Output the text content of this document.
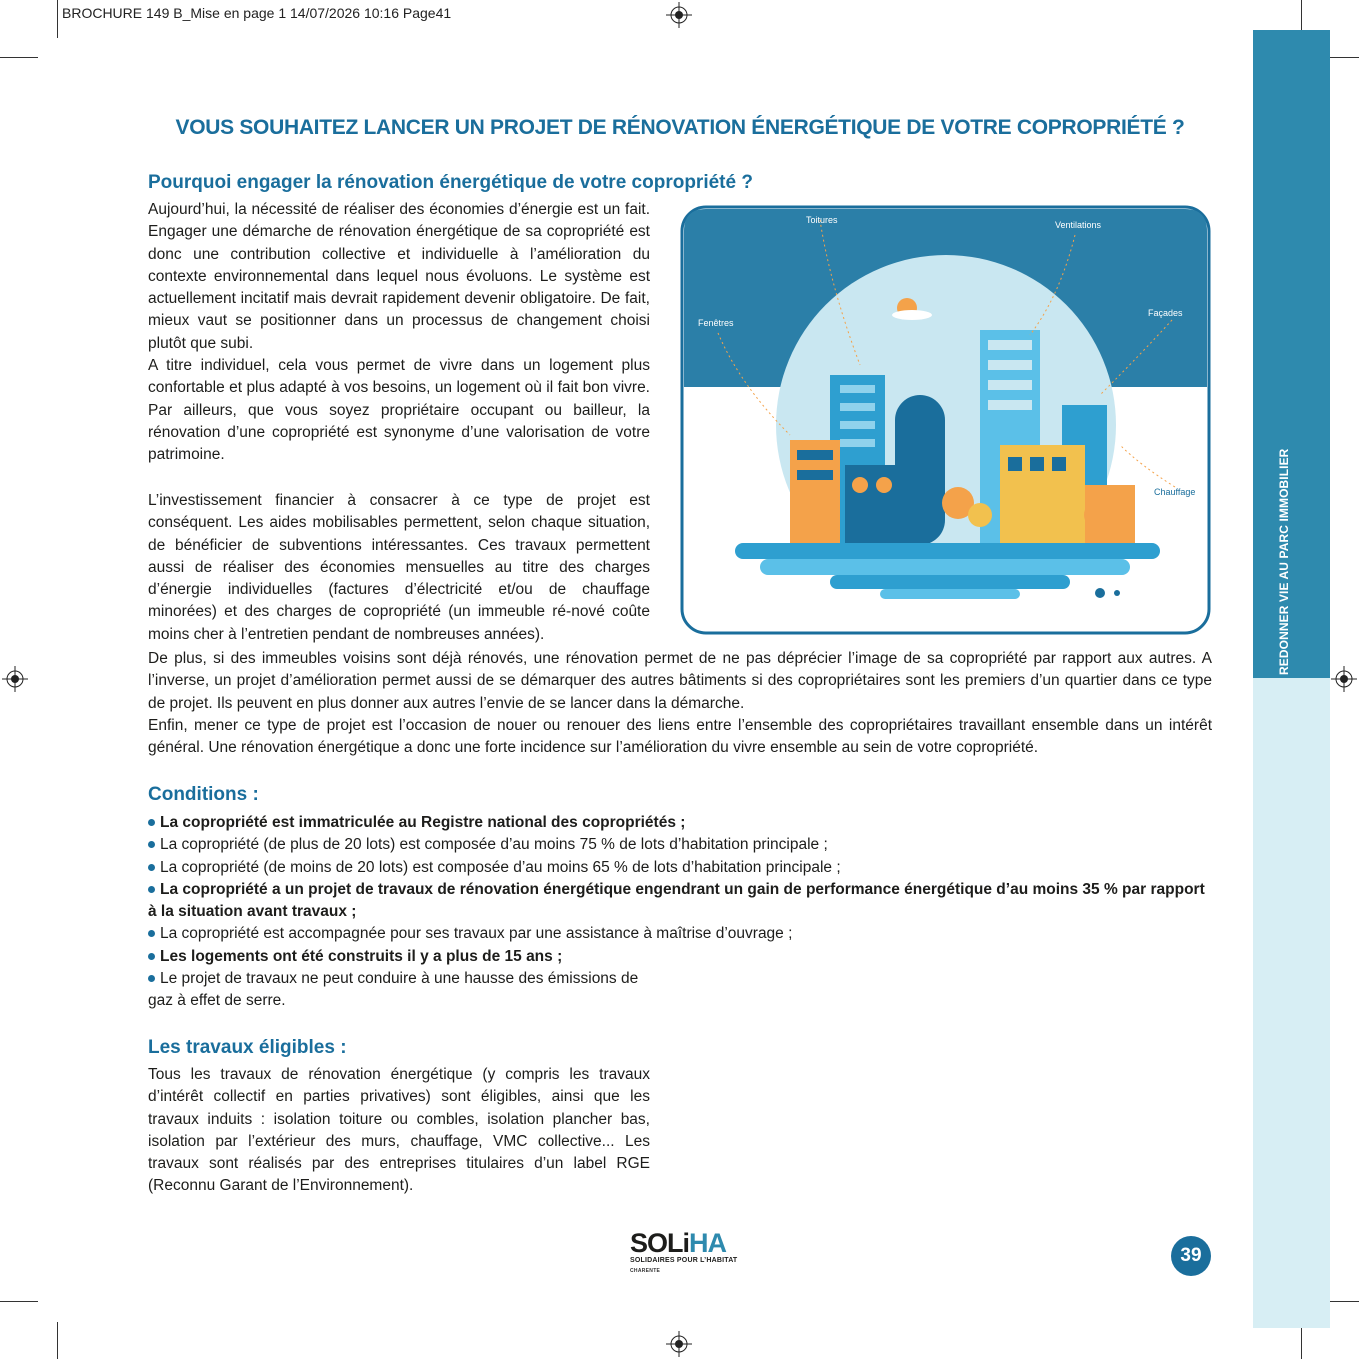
BROCHURE 149 B_Mise en page 1 14/07/2026 10:16 Page41
REDONNER VIE AU PARC IMMOBILIER
VOUS SOUHAITEZ LANCER UN PROJET DE RÉNOVATION ÉNERGÉTIQUE DE VOTRE COPROPRIÉTÉ ?
Pourquoi engager la rénovation énergétique de votre copropriété ?

Aujourd’hui, la nécessité de réaliser des économies d’énergie est un fait. Engager une démarche de rénovation énergétique de sa copropriété est donc une contribution collective et individuelle à l’amélioration du contexte environnemental dans lequel nous évoluons. Le système est actuellement incitatif mais devrait rapidement devenir obligatoire. De fait, mieux vaut se positionner dans un processus de changement choisi plutôt que subi.

A titre individuel, cela vous permet de vivre dans un logement plus confortable et plus adapté à vos besoins, un logement où il fait bon vivre. Par ailleurs, que vous soyez propriétaire occupant ou bailleur, la rénovation d’une copropriété est synonyme d’une valorisation de votre patrimoine.

L’investissement financier à consacrer à ce type de projet est conséquent. Les aides mobilisables permettent, selon chaque situation, de bénéficier de subventions intéressantes. Ces travaux permettent aussi de réaliser des économies mensuelles au titre des charges d’énergie individuelles (factures d’électricité et/ou de chauffage minorées) et des charges de copropriété (un immeuble ré-nové coûte moins cher à l’entretien pendant de nombreuses années).

De plus, si des immeubles voisins sont déjà rénovés, une rénovation permet de ne pas déprécier l’image de sa copropriété par rapport aux autres. A l’inverse, un projet d’amélioration permet aussi de se démarquer des autres bâtiments si des copropriétaires sont les premiers d’un quartier dans ce type de projet. Ils peuvent en plus donner aux autres l’envie de se lancer dans la démarche.

Enfin, mener ce type de projet est l’occasion de nouer ou renouer des liens entre l’ensemble des copropriétaires travaillant ensemble dans un intérêt général. Une rénovation énergétique a donc une forte incidence sur l’amélioration du vivre ensemble au sein de votre copropriété.

Toitures	Ventilations
Fenêtres
Façades
Chauffage
Conditions :
La copropriété est immatriculée au Registre national des copropriétés ;
La copropriété (de plus de 20 lots) est composée d’au moins 75 % de lots d’habitation principale ;
La copropriété (de moins de 20 lots) est composée d’au moins 65 % de lots d’habitation principale ;
La copropriété a un projet de travaux de rénovation énergétique engendrant un gain de performance énergétique d’au moins 35 % par rapport à la situation avant travaux ;
La copropriété est accompagnée pour ses travaux par une assistance à maîtrise d’ouvrage ;
Les logements ont été construits il y a plus de 15 ans ;
Le projet de travaux ne peut conduire à une hausse des émissions de gaz à effet de serre.
Les travaux éligibles :

Tous les travaux de rénovation énergétique (y compris les travaux d’intérêt collectif en parties privatives) sont éligibles, ainsi que les travaux induits : isolation toiture ou combles, isolation plancher bas, isolation par l’extérieur des murs, chauffage, VMC collective... Les travaux sont réalisés par des entreprises titulaires d’un label RGE (Reconnu Garant de l’Environnement).

SOLiHA
SOLIDAIRES POUR L’HABITAT
CHARENTE
39
